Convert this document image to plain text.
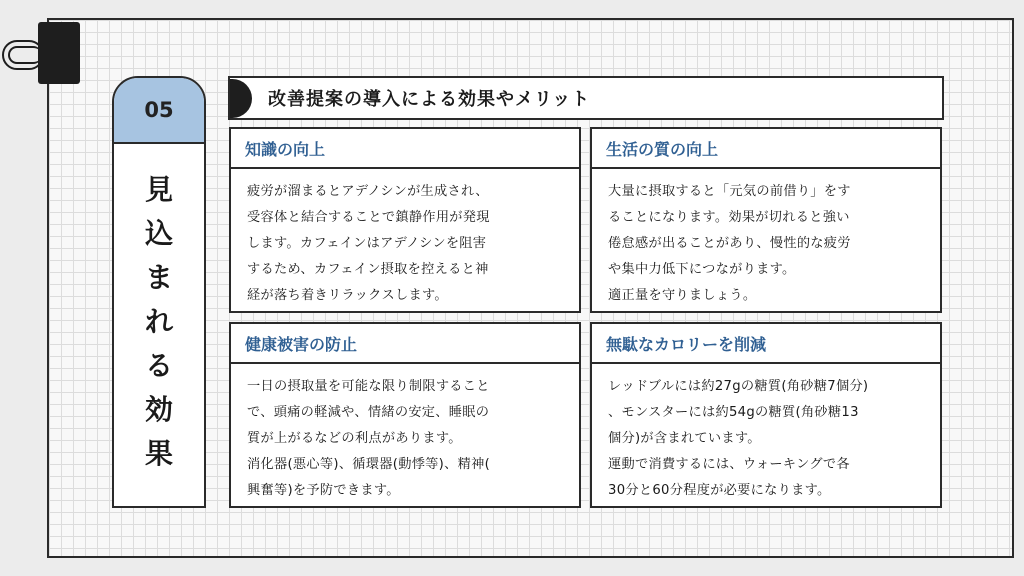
05
見
込
ま
れ
る
効
果
改善提案の導入による効果やメリット
知識の向上
疲労が溜まるとアデノシンが生成され、
受容体と結合することで鎮静作用が発現
します。カフェインはアデノシンを阻害
するため、カフェイン摂取を控えると神
経が落ち着きリラックスします。
生活の質の向上
大量に摂取すると「元気の前借り」をす
ることになります。効果が切れると強い
倦怠感が出ることがあり、慢性的な疲労
や集中力低下につながります。
適正量を守りましょう。
健康被害の防止
一日の摂取量を可能な限り制限すること
で、頭痛の軽減や、情緒の安定、睡眠の
質が上がるなどの利点があります。
消化器(悪心等)、循環器(動悸等)、精神(
興奮等)を予防できます。
無駄なカロリーを削減
レッドブルには約27gの糖質(角砂糖7個分)
、モンスターには約54gの糖質(角砂糖13
個分)が含まれています。
運動で消費するには、ウォーキングで各
30分と60分程度が必要になります。
